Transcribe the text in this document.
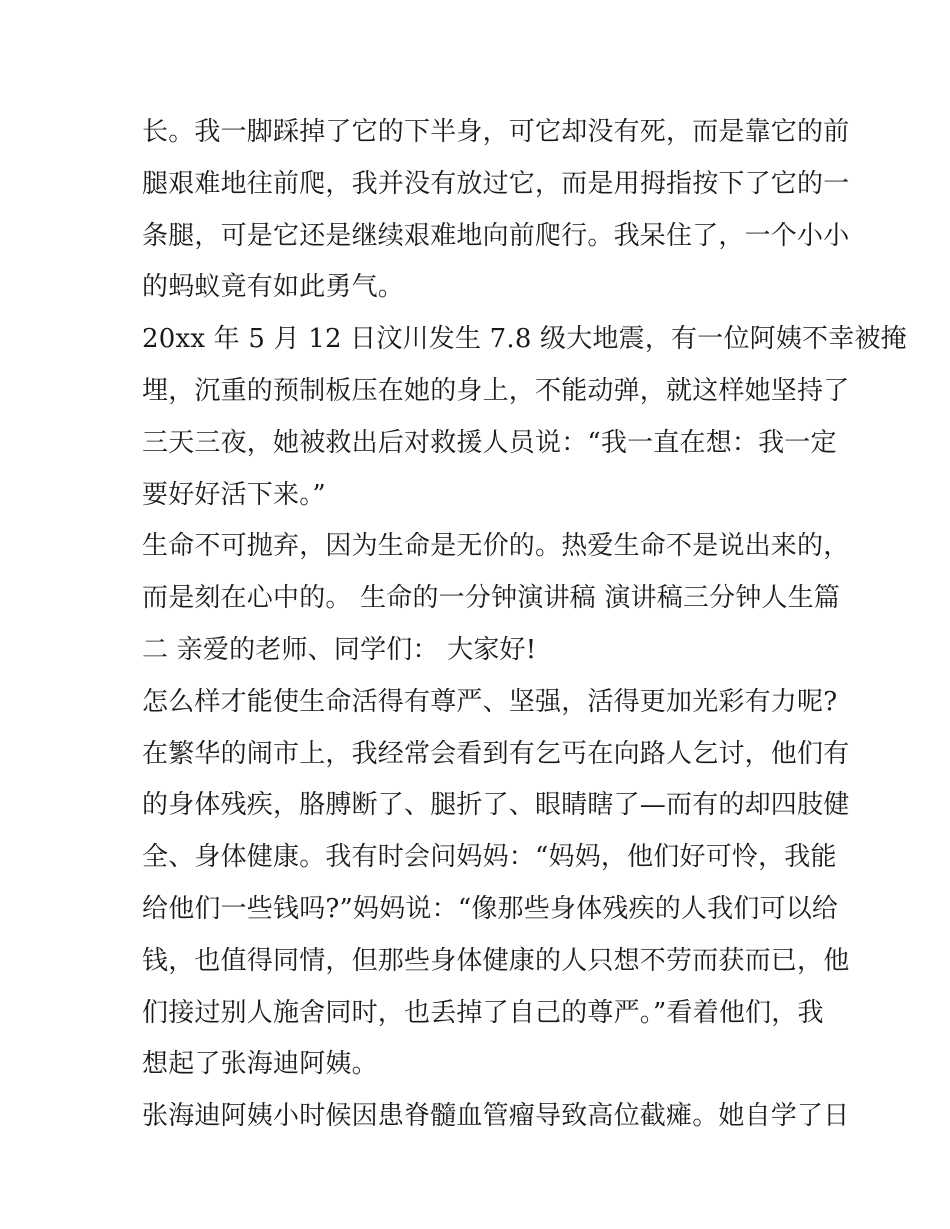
长。我一脚踩掉了它的下半身，可它却没有死，而是靠它的前
腿艰难地往前爬，我并没有放过它，而是用拇指按下了它的一
条腿，可是它还是继续艰难地向前爬行。我呆住了，一个小小
的蚂蚁竟有如此勇气。
20xx 年 5 月 12 日汶川发生 7.8 级大地震，有一位阿姨不幸被掩
埋，沉重的预制板压在她的身上，不能动弹，就这样她坚持了
三天三夜，她被救出后对救援人员说：“我一直在想：我一定
要好好活下来。”
生命不可抛弃，因为生命是无价的。热爱生命不是说出来的，
而是刻在心中的。 生命的一分钟演讲稿 演讲稿三分钟人生篇
二 亲爱的老师、同学们： 大家好!
怎么样才能使生命活得有尊严、坚强，活得更加光彩有力呢?
在繁华的闹市上，我经常会看到有乞丐在向路人乞讨，他们有
的身体残疾，胳膊断了、腿折了、眼睛瞎了—而有的却四肢健
全、身体健康。我有时会问妈妈：“妈妈，他们好可怜，我能
给他们一些钱吗?”妈妈说：“像那些身体残疾的人我们可以给
钱，也值得同情，但那些身体健康的人只想不劳而获而已，他
们接过别人施舍同时，也丢掉了自己的尊严。”看着他们，我
想起了张海迪阿姨。
张海迪阿姨小时候因患脊髓血管瘤导致高位截瘫。她自学了日
